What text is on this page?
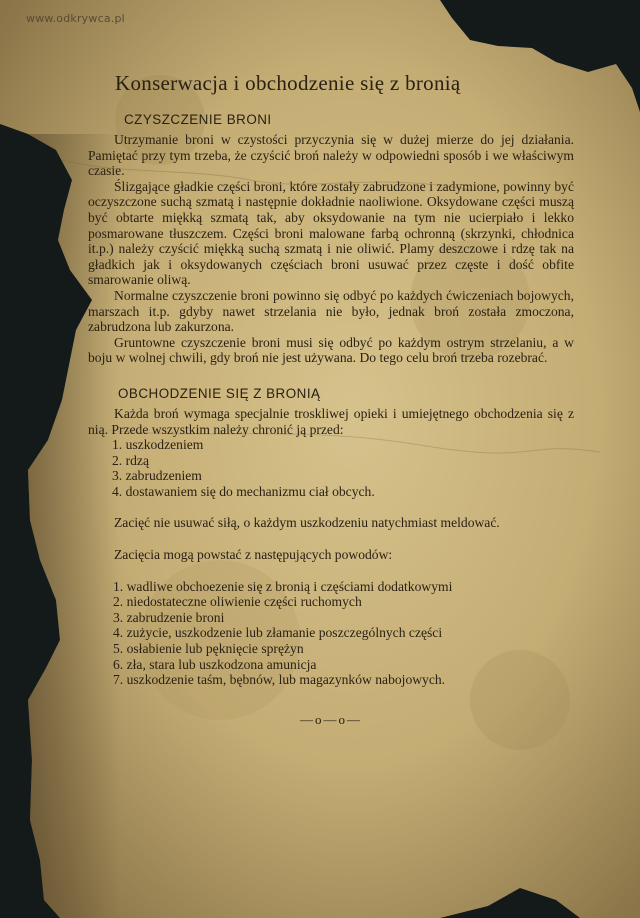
www.odkrywca.pl
Konserwacja i obchodzenie się z bronią
CZYSZCZENIE BRONI

Utrzymanie broni w czystości przyczynia się w dużej mierze do jej działania. Pamiętać przy tym trzeba, że czyścić broń należy w odpowiedni sposób i we właściwym czasie.

Ślizgające gładkie części broni, które zostały zabrudzone i zadymione, powinny być oczyszczone suchą szmatą i następnie dokładnie naoliwione. Oksydowane części muszą być obtarte miękką szmatą tak, aby oksydowanie na tym nie ucierpiało i lekko posmarowane tłuszczem. Części broni malowane farbą ochronną (skrzynki, chłodnica it.p.) należy czyścić miękką suchą szmatą i nie oliwić. Plamy deszczowe i rdzę tak na gładkich jak i oksydowanych częściach broni usuwać przez częste i dość obfite smarowanie oliwą.

Normalne czyszczenie broni powinno się odbyć po każdych ćwiczeniach bojowych, marszach it.p. gdyby nawet strzelania nie było, jednak broń została zmoczona, zabrudzona lub zakurzona.

Gruntowne czyszczenie broni musi się odbyć po każdym ostrym strzelaniu, a w boju w wolnej chwili, gdy broń nie jest używana. Do tego celu broń trzeba rozebrać.

OBCHODZENIE SIĘ Z BRONIĄ

Każda broń wymaga specjalnie troskliwej opieki i umiejętnego obchodzenia się z nią. Przede wszystkim należy chronić ją przed:

1. uszkodzeniem
2. rdzą
3. zabrudzeniem
4. dostawaniem się do mechanizmu ciał obcych.

Zacięć nie usuwać siłą, o każdym uszkodzeniu natychmiast meldować.

Zacięcia mogą powstać z następujących powodów:

1. wadliwe obchoezenie się z bronią i częściami dodatkowymi
2. niedostateczne oliwienie części ruchomych
3. zabrudzenie broni
4. zużycie, uszkodzenie lub złamanie poszczególnych części
5. osłabienie lub pęknięcie sprężyn
6. zła, stara lub uszkodzona amunicja
7. uszkodzenie taśm, bębnów, lub magazynków nabojowych.
—o—o—
